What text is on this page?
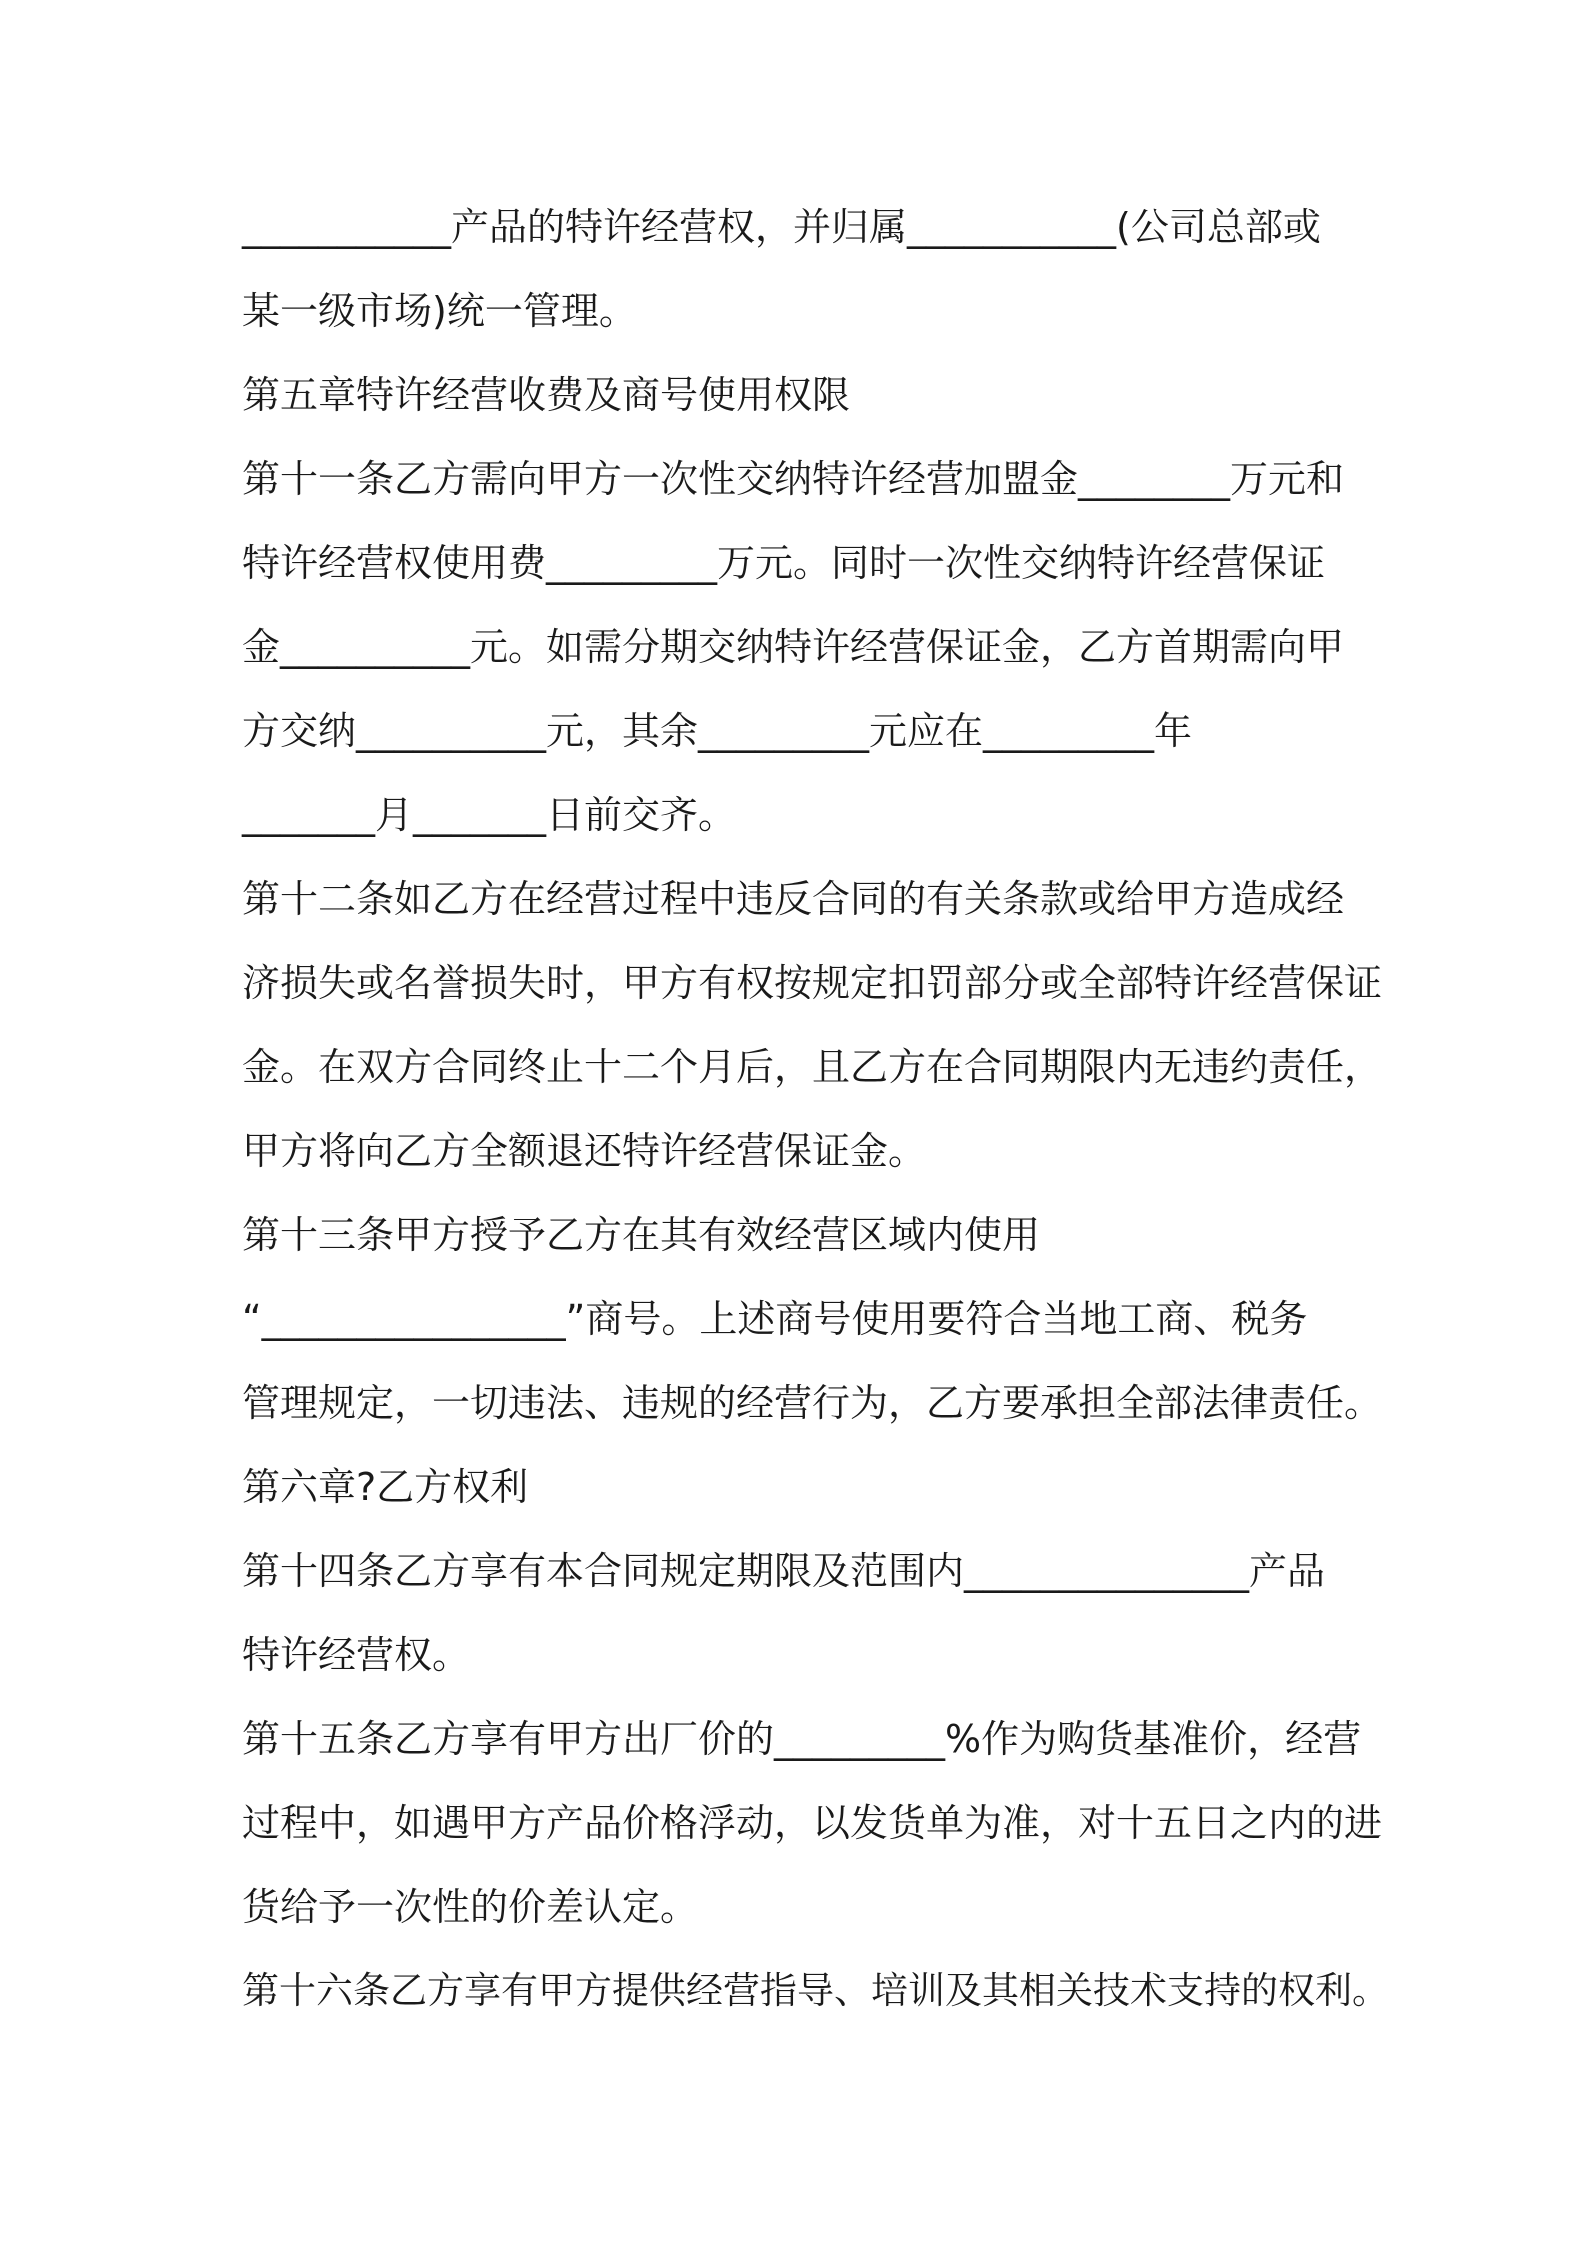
___________产品的特许经营权，并归属___________(公司总部或
某一级市场)统一管理。
第五章特许经营收费及商号使用权限
第十一条乙方需向甲方一次性交纳特许经营加盟金________万元和
特许经营权使用费_________万元。同时一次性交纳特许经营保证
金__________元。如需分期交纳特许经营保证金，乙方首期需向甲
方交纳__________元，其余_________元应在_________年
_______月_______日前交齐。
第十二条如乙方在经营过程中违反合同的有关条款或给甲方造成经
济损失或名誉损失时，甲方有权按规定扣罚部分或全部特许经营保证
金。在双方合同终止十二个月后，且乙方在合同期限内无违约责任，
甲方将向乙方全额退还特许经营保证金。
第十三条甲方授予乙方在其有效经营区域内使用
“________________”商号。上述商号使用要符合当地工商、税务
管理规定，一切违法、违规的经营行为，乙方要承担全部法律责任。
第六章?乙方权利
第十四条乙方享有本合同规定期限及范围内_______________产品
特许经营权。
第十五条乙方享有甲方出厂价的_________%作为购货基准价，经营
过程中，如遇甲方产品价格浮动，以发货单为准，对十五日之内的进
货给予一次性的价差认定。
第十六条乙方享有甲方提供经营指导、培训及其相关技术支持的权利。
